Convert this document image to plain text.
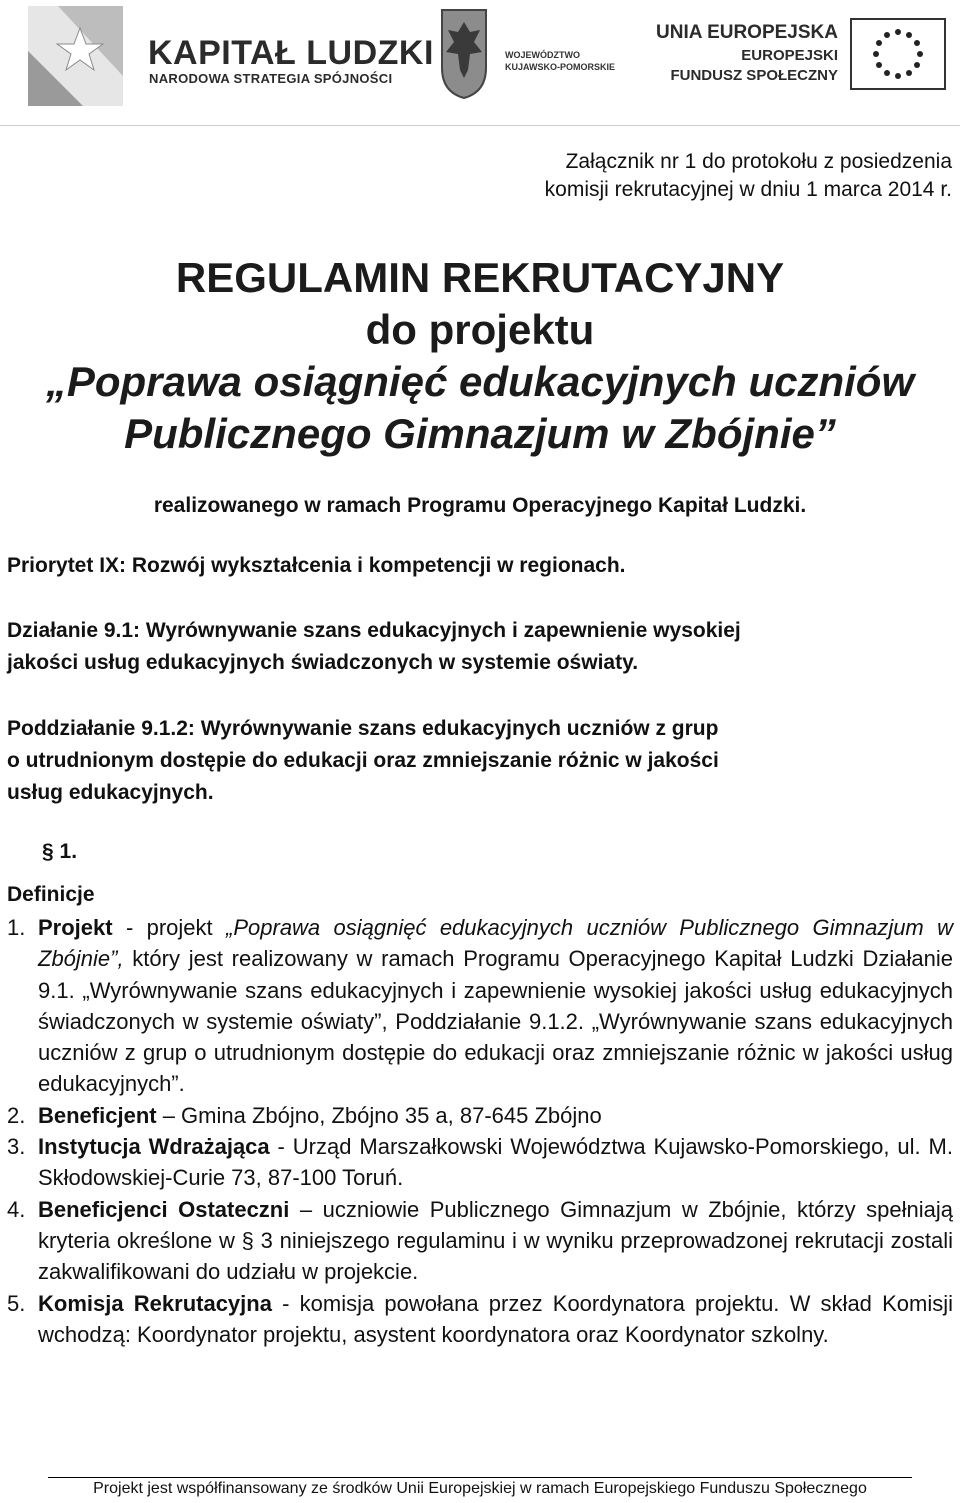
KAPITAŁ LUDZKI
NARODOWA STRATEGIA SPÓJNOŚCI
WOJEWÓDZTWO
KUJAWSKO-POMORSKIE
UNIA EUROPEJSKA
EUROPEJSKI
FUNDUSZ SPOŁECZNY
Załącznik nr 1 do protokołu z posiedzenia
komisji rekrutacyjnej w dniu 1 marca 2014 r.
REGULAMIN REKRUTACYJNY
do projektu
„Poprawa osiągnięć edukacyjnych uczniów
Publicznego Gimnazjum w Zbójnie”
realizowanego w ramach Programu Operacyjnego Kapitał Ludzki.
Priorytet IX: Rozwój wykształcenia i kompetencji w regionach.
Działanie 9.1: Wyrównywanie szans edukacyjnych i zapewnienie wysokiej
jakości usług edukacyjnych świadczonych w systemie oświaty.
Poddziałanie 9.1.2: Wyrównywanie szans edukacyjnych uczniów z grup
o utrudnionym dostępie do edukacji oraz zmniejszanie różnic w jakości
usług edukacyjnych.
§ 1.
Definicje
1. Projekt - projekt „Poprawa osiągnięć edukacyjnych uczniów Publicznego Gimnazjum w Zbójnie”, który jest realizowany w ramach Programu Operacyjnego Kapitał Ludzki Działanie 9.1. „Wyrównywanie szans edukacyjnych i zapewnienie wysokiej jakości usług edukacyjnych świadczonych w systemie oświaty”, Poddziałanie 9.1.2. „Wyrównywanie szans edukacyjnych uczniów z grup o utrudnionym dostępie do edukacji oraz zmniejszanie różnic w jakości usług edukacyjnych”.
2. Beneficjent – Gmina Zbójno, Zbójno 35 a, 87-645 Zbójno
3. Instytucja Wdrażająca - Urząd Marszałkowski Województwa Kujawsko-Pomorskiego, ul. M. Skłodowskiej-Curie 73, 87-100 Toruń.
4. Beneficjenci Ostateczni – uczniowie Publicznego Gimnazjum w Zbójnie, którzy spełniają kryteria określone w § 3 niniejszego regulaminu i w wyniku przeprowadzonej rekrutacji zostali zakwalifikowani do udziału w projekcie.
5. Komisja Rekrutacyjna - komisja powołana przez Koordynatora projektu. W skład Komisji wchodzą: Koordynator projektu, asystent koordynatora oraz Koordynator szkolny.
Projekt jest współfinansowany ze środków Unii Europejskiej w ramach Europejskiego Funduszu Społecznego
